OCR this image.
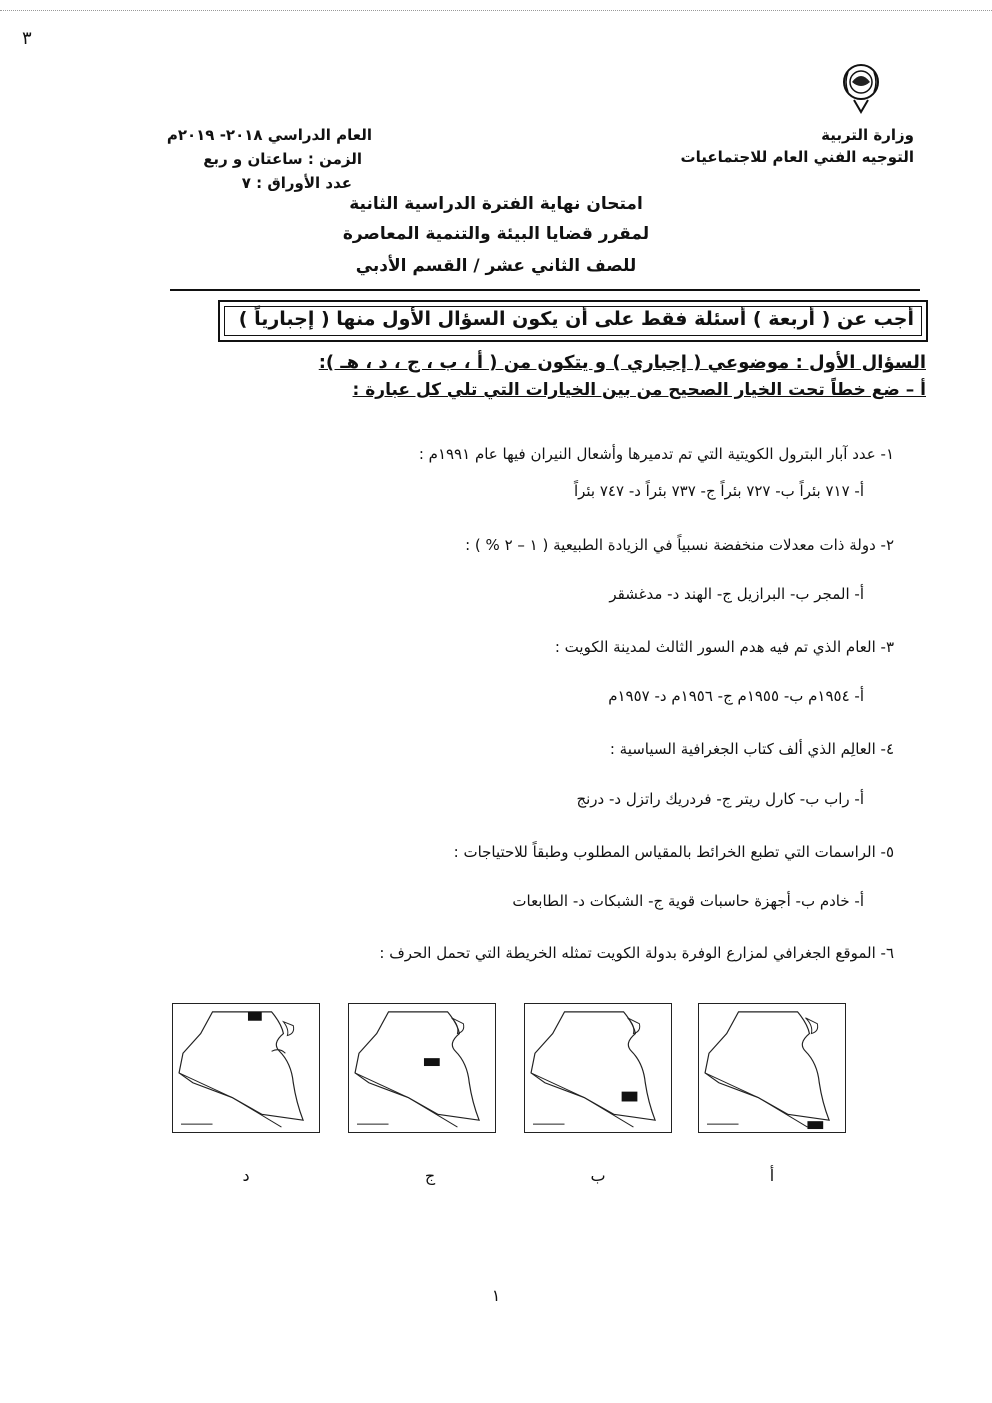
٣
وزارة التربية
التوجيه الفني العام للاجتماعيات
العام الدراسي ٢٠١٨- ٢٠١٩م
الزمن : ساعتان و ربع
عدد الأوراق : ٧
امتحان نهاية الفترة الدراسية الثانية
لمقرر قضايا البيئة والتنمية المعاصرة
للصف الثاني عشر / القسم الأدبي
أجب عن ( أربعة ) أسئلة فقط على أن يكون السؤال الأول منها ( إجبارياً )
السؤال الأول : موضوعي ( إجباري ) و يتكون من ( أ ، ب ، ج ، د ، هـ ):
أ – ضع خطاً تحت الخيار الصحيح من بين الخيارات التي تلي كل عبارة :
١- عدد آبار البترول الكويتية التي تم تدميرها وأشعال النيران فيها عام ١٩٩١م :
أ- ٧١٧ بئراً ب- ٧٢٧ بئراً ج- ٧٣٧ بئراً د- ٧٤٧ بئراً
٢- دولة ذات معدلات منخفضة نسبياً في الزيادة الطبيعية ( ١ – ٢ % ) :
أ- المجر ب- البرازيل ج- الهند د- مدغشقر
٣- العام الذي تم فيه هدم السور الثالث لمدينة الكويت :
أ- ١٩٥٤م ب- ١٩٥٥م ج- ١٩٥٦م د- ١٩٥٧م
٤- العالِم الذي ألف كتاب الجغرافية السياسية :
أ- راب ب- كارل ريتر ج- فردريك راتزل د- درنج
٥- الراسمات التي تطبع الخرائط بالمقياس المطلوب وطبقاً للاحتياجات :
أ- خادم ب- أجهزة حاسبات قوية ج- الشبكات د- الطابعات
٦- الموقع الجغرافي لمزارع الوفرة بدولة الكويت تمثله الخريطة التي تحمل الحرف :
أ
ب
ج
د
١
